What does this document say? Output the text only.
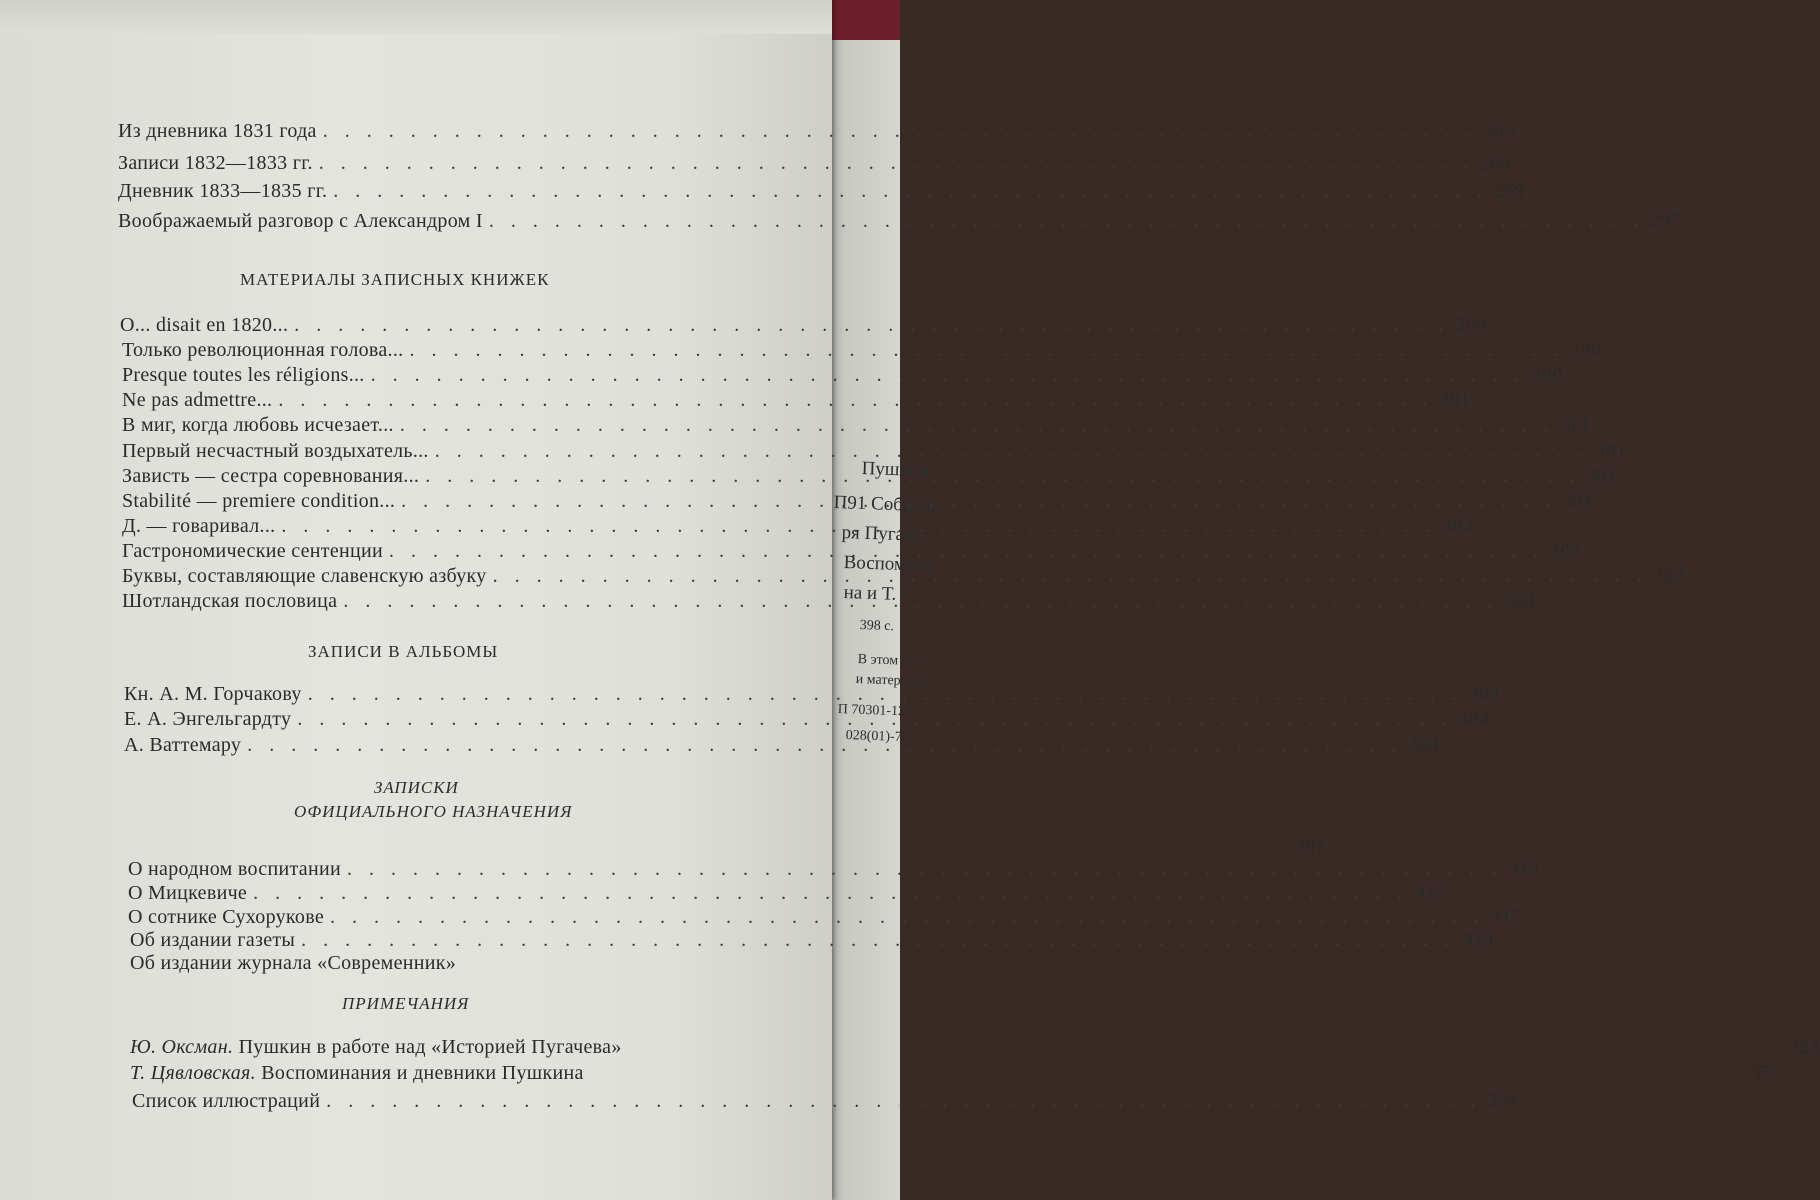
Пушкин
П91 Собрани
ря Пугаче
Воспомина
на и Т. Г.
398 с.
В этом вол
и материалы,
П 70301-120
028(01)-76
Из дневника 1831 года . . .	265
Записи 1832—1833 гг. . . .	269
Дневник 1833—1835 гг. . . .	269
Воображаемый разговор с Александром I . . .	297
МАТЕРИАЛЫ ЗАПИСНЫХ КНИЖЕК
О... disait en 1820... . . .	299
Только революционная голова... . . .	299
Presque toutes les réligions... . . .	300
Ne pas admettre... . . .	301
В миг, когда любовь исчезает... . . .	301
Первый несчастный воздыхатель... . . .	301
Зависть — сестра соревнования... . . .	301
Stabilité — premiere condition... . . .	301
Д. — говаривал... . . .	302
Гастрономические сентенции . . .	302
Буквы, составляющие славенскую азбуку . . .	302
Шотландская пословица . . .	303
ЗАПИСИ В АЛЬБОМЫ
Кн. А. М. Горчакову . . .	304
Е. А. Энгельгардту . . .	304
А. Ваттемару . . .	304
ЗАПИСКИ
ОФИЦИАЛЬНОГО НАЗНАЧЕНИЯ
307
О народном воспитании . . .	313
О Мицкевиче . . .	315
О сотнике Сухорукове . . .	317
Об издании газеты . . .	319
Об издании журнала «Современник»
ПРИМЕЧАНИЯ
Ю. Оксман. Пушкин в работе над «Историей Пугачева»	323
Т. Цявловская. Воспоминания и дневники Пушкина	355
Список иллюстраций . . .	394
